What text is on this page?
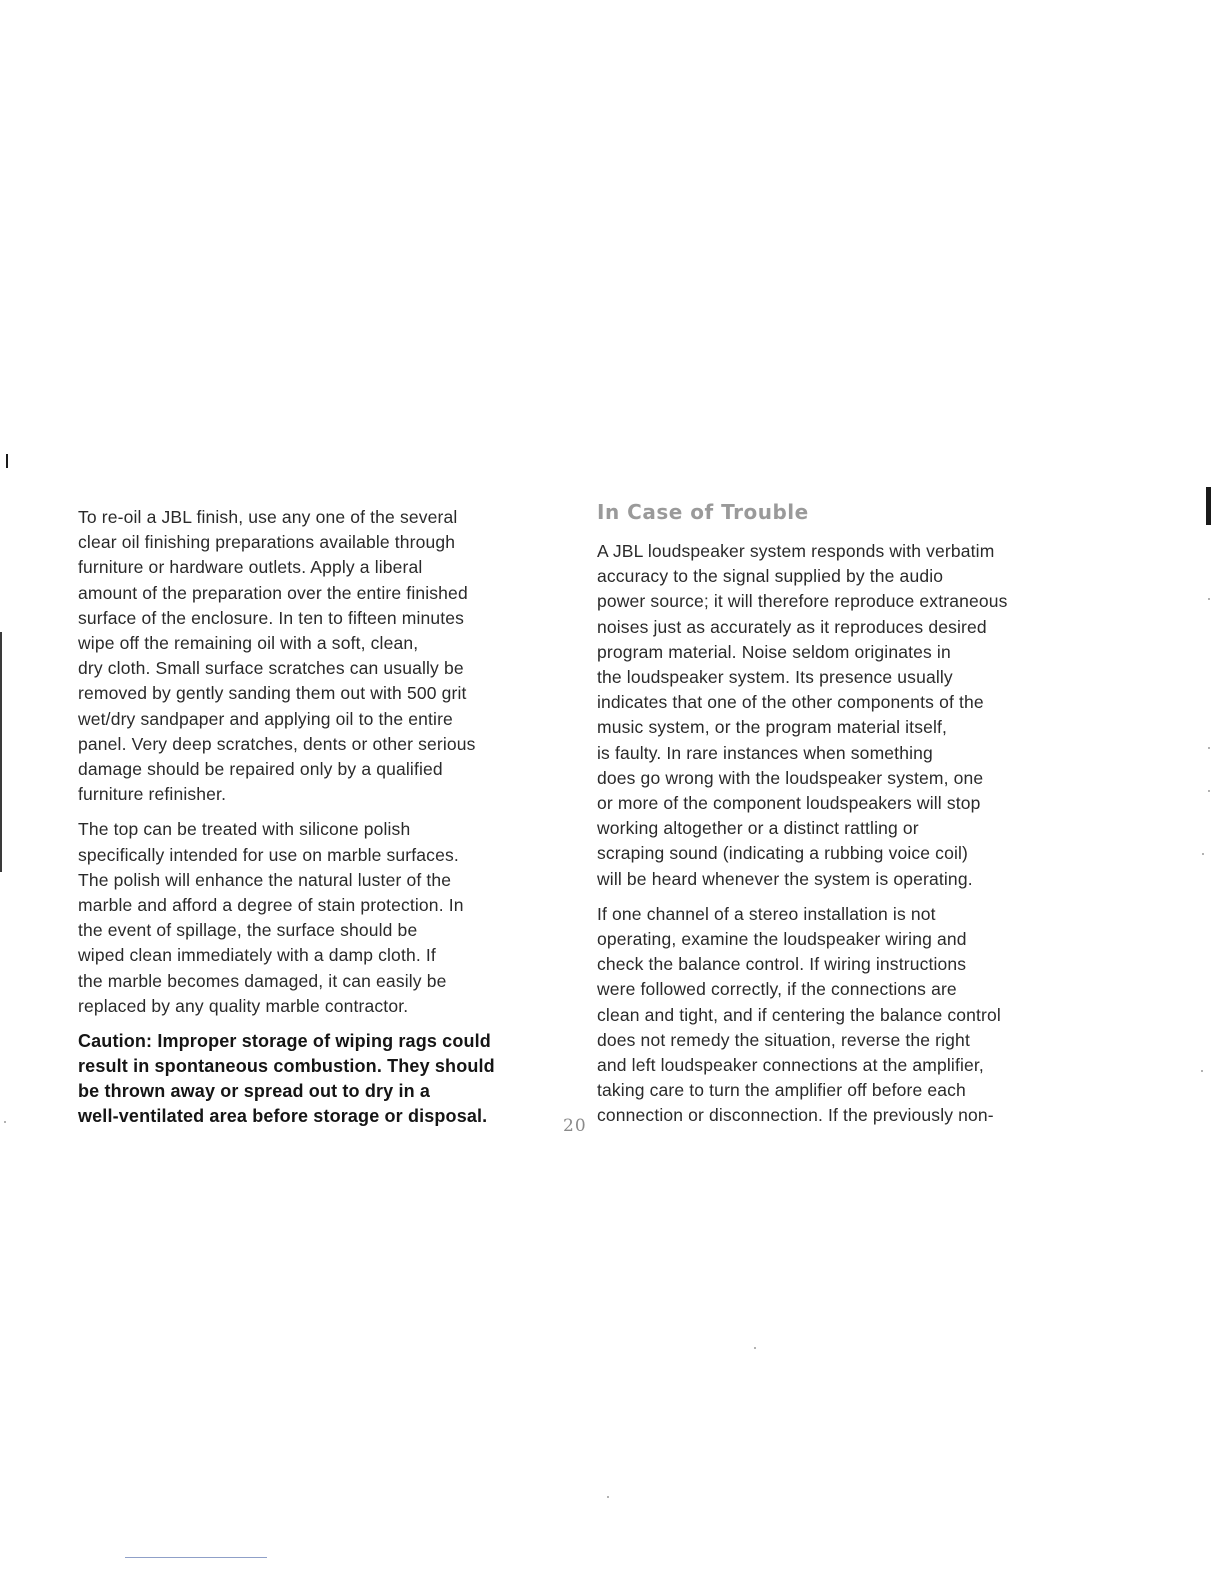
To re-oil a JBL finish, use any one of the several
clear oil finishing preparations available through
furniture or hardware outlets. Apply a liberal
amount of the preparation over the entire finished
surface of the enclosure. In ten to fifteen minutes
wipe off the remaining oil with a soft, clean,
dry cloth. Small surface scratches can usually be
removed by gently sanding them out with 500 grit
wet/dry sandpaper and applying oil to the entire
panel. Very deep scratches, dents or other serious
damage should be repaired only by a qualified
furniture refinisher.

The top can be treated with silicone polish
specifically intended for use on marble surfaces.
The polish will enhance the natural luster of the
marble and afford a degree of stain protection. In
the event of spillage, the surface should be
wiped clean immediately with a damp cloth. If
the marble becomes damaged, it can easily be
replaced by any quality marble contractor.

Caution: Improper storage of wiping rags could
result in spontaneous combustion. They should
be thrown away or spread out to dry in a
well-ventilated area before storage or disposal.

In Case of Trouble

A JBL loudspeaker system responds with verbatim
accuracy to the signal supplied by the audio
power source; it will therefore reproduce extraneous
noises just as accurately as it reproduces desired
program material. Noise seldom originates in
the loudspeaker system. Its presence usually
indicates that one of the other components of the
music system, or the program material itself,
is faulty. In rare instances when something
does go wrong with the loudspeaker system, one
or more of the component loudspeakers will stop
working altogether or a distinct rattling or
scraping sound (indicating a rubbing voice coil)
will be heard whenever the system is operating.

If one channel of a stereo installation is not
operating, examine the loudspeaker wiring and
check the balance control. If wiring instructions
were followed correctly, if the connections are
clean and tight, and if centering the balance control
does not remedy the situation, reverse the right
and left loudspeaker connections at the amplifier,
taking care to turn the amplifier off before each
connection or disconnection. If the previously non-

20
